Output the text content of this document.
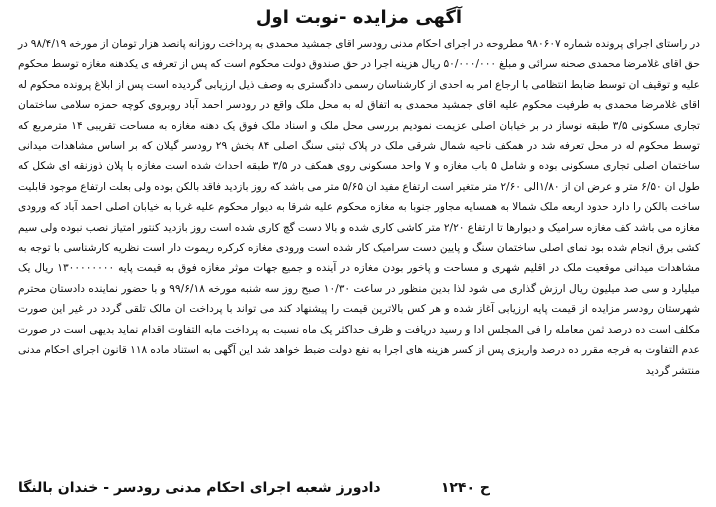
آگهی مزایده -نوبت اول

در راستای اجرای پرونده شماره ۹۸۰۶۰۷ مطروحه در اجرای احکام مدنی رودسر اقای جمشید محمدی به پرداخت روزانه پانصد هزار تومان از مورخه ۹۸/۴/۱۹ در حق اقای غلامرضا محمدی صحنه سرائی و مبلغ ۵۰/۰۰۰/۰۰۰ ریال هزینه اجرا در حق صندوق دولت محکوم است که پس از تعرفه ی یکدهنه مغازه توسط محکوم علیه و توقیف ان توسط ضابط انتظامی با ارجاع امر به احدی از کارشناسان رسمی دادگستری به وصف ذیل ارزیابی گردیده است پس از ابلاغ پرونده محکوم له اقای غلامرضا محمدی به طرفیت محکوم علیه اقای جمشید محمدی به اتفاق له به محل ملک واقع در رودسر احمد آباد روبروی کوچه حمزه سلامی ساختمان تجاری مسکونی ۳/۵ طبقه نوساز در بر خیابان اصلی عزیمت نمودیم بررسی محل ملک و اسناد ملک فوق یک دهنه مغازه به مساحت تقریبی ۱۴ مترمربع که توسط محکوم له در محل تعرفه شد در همکف ناحیه شمال شرقی ملک در پلاک ثبتی سنگ اصلی ۸۴ بخش ۲۹ رودسر گیلان که بر اساس مشاهدات میدانی ساختمان اصلی تجاری مسکونی بوده و شامل ۵ باب مغازه و ۷ واحد مسکونی روی همکف در ۳/۵ طبقه احداث شده است مغازه با پلان ذوزنقه ای شکل که طول ان ۶/۵۰ متر و عرض ان از ۱/۸۰الی ۲/۶۰ متر متغیر است ارتفاع مفید ان ۵/۶۵ متر می باشد که روز بازدید فاقد بالکن بوده ولی بعلت ارتفاع موجود قابلیت ساخت بالکن را دارد حدود اربعه ملک شمالا به همسایه مجاور جنوبا به مغازه محکوم علیه شرقا به دیوار محکوم علیه غربا به خیابان اصلی احمد آباد که ورودی مغازه می باشد کف مغازه سرامیک و دیوارها تا ارتفاع ۲/۲۰ متر کاشی کاری شده و بالا دست گچ کاری شده است روز بازدید کنتور امتیاز نصب نبوده ولی سیم کشی برق انجام شده بود نمای اصلی ساختمان سنگ و پایین دست سرامیک کار شده است ورودی مغازه کرکره ریموت دار است نظریه کارشناسی با توجه به مشاهدات میدانی موقعیت ملک در اقلیم شهری و مساحت و پاخور بودن مغازه در آینده و جمیع جهات موثر مغازه فوق به قیمت پایه ۱۳۰۰۰۰۰۰۰۰ ریال یک میلیارد و سی صد میلیون ریال ارزش گذاری می شود لذا بدین منظور در ساعت ۱۰/۳۰ صبح روز سه شنبه مورخه ۹۹/۶/۱۸ و با حضور نماینده دادستان محترم شهرستان رودسر مزایده از قیمت پایه ارزیابی آغاز شده و هر کس بالاترین قیمت را پیشنهاد کند می تواند با پرداخت ان مالک تلقی گردد در غیر این صورت مکلف است ده درصد ثمن معامله را فی المجلس ادا و رسید دریافت و ظرف حداکثر یک ماه نسبت به پرداخت مابه التفاوت اقدام نماید بدیهی است در صورت عدم التفاوت به فرجه مقرر ده درصد واریزی پس از کسر هزینه های اجرا به نفع دولت ضبط خواهد شد این آگهی به استناد ماده ۱۱۸ قانون اجرای احکام مدنی منتشر گردید

ح ۱۲۴۰
دادورز شعبه اجرای احکام مدنی رودسر - خندان بالنگا
